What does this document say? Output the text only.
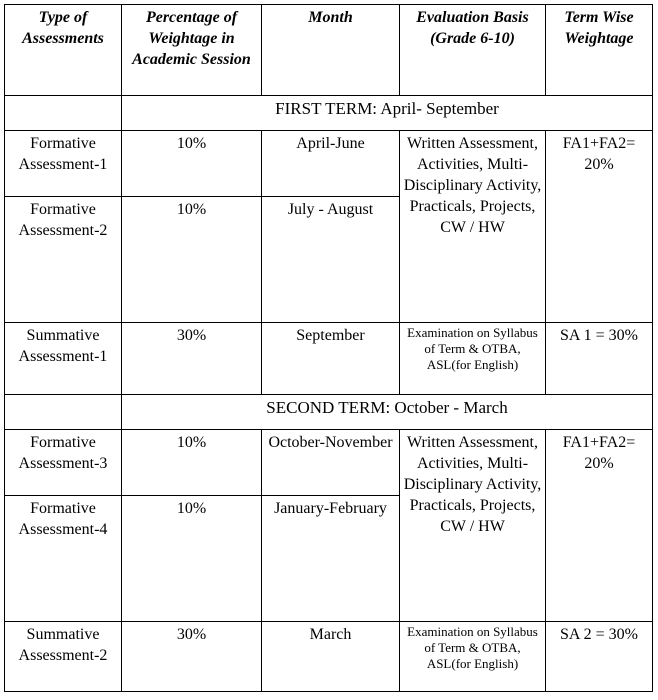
Type of Assessments	Percentage of Weightage in Academic Session	Month	Evaluation Basis (Grade 6-10)	Term Wise Weightage
	FIRST TERM: April- September			

Formative Assessment-1	10%	April-June	Written Assessment, Activities, Multi-Disciplinary Activity, Practicals, Projects, CW / HW	FA1+FA2= 20%
Formative Assessment-2	10%	July - August		
Summative Assessment-1	30%	September	Examination on Syllabus of Term & OTBA, ASL(for English)	SA 1 = 30%
	SECOND TERM: October - March			

Formative Assessment-3	10%	October-November	Written Assessment, Activities, Multi-Disciplinary Activity, Practicals, Projects, CW / HW	FA1+FA2= 20%
Formative Assessment-4	10%	January-February		
Summative Assessment-2	30%	March	Examination on Syllabus of Term & OTBA, ASL(for English)	SA 2 = 30%
